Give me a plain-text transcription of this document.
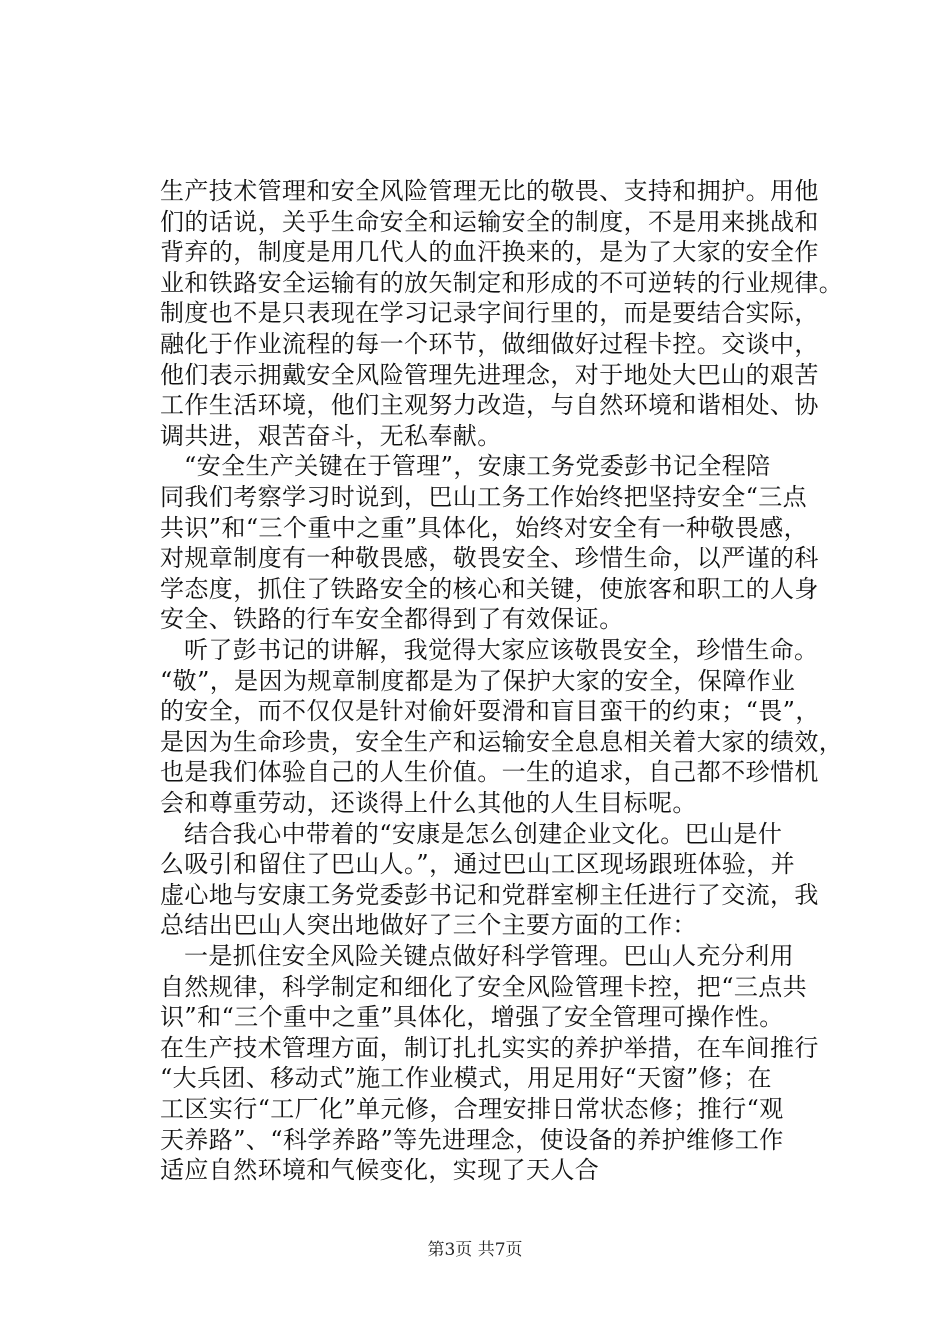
生产技术管理和安全风险管理无比的敬畏、支持和拥护。用他
们的话说，关乎生命安全和运输安全的制度，不是用来挑战和
背弃的，制度是用几代人的血汗换来的，是为了大家的安全作
业和铁路安全运输有的放矢制定和形成的不可逆转的行业规律。
制度也不是只表现在学习记录字间行里的，而是要结合实际，
融化于作业流程的每一个环节，做细做好过程卡控。交谈中，
他们表示拥戴安全风险管理先进理念，对于地处大巴山的艰苦
工作生活环境，他们主观努力改造，与自然环境和谐相处、协
调共进，艰苦奋斗，无私奉献。
“安全生产关键在于管理”，安康工务党委彭书记全程陪
同我们考察学习时说到，巴山工务工作始终把坚持安全“三点
共识”和“三个重中之重”具体化，始终对安全有一种敬畏感，
对规章制度有一种敬畏感，敬畏安全、珍惜生命，以严谨的科
学态度，抓住了铁路安全的核心和关键，使旅客和职工的人身
安全、铁路的行车安全都得到了有效保证。
听了彭书记的讲解，我觉得大家应该敬畏安全，珍惜生命。
“敬”，是因为规章制度都是为了保护大家的安全，保障作业
的安全，而不仅仅是针对偷奸耍滑和盲目蛮干的约束；“畏”，
是因为生命珍贵，安全生产和运输安全息息相关着大家的绩效，
也是我们体验自己的人生价值。一生的追求，自己都不珍惜机
会和尊重劳动，还谈得上什么其他的人生目标呢。
结合我心中带着的“安康是怎么创建企业文化。巴山是什
么吸引和留住了巴山人。”，通过巴山工区现场跟班体验，并
虚心地与安康工务党委彭书记和党群室柳主任进行了交流，我
总结出巴山人突出地做好了三个主要方面的工作：
一是抓住安全风险关键点做好科学管理。巴山人充分利用
自然规律，科学制定和细化了安全风险管理卡控，把“三点共
识”和“三个重中之重”具体化，增强了安全管理可操作性。
在生产技术管理方面，制订扎扎实实的养护举措，在车间推行
“大兵团、移动式”施工作业模式，用足用好“天窗”修；在
工区实行“工厂化”单元修，合理安排日常状态修；推行“观
天养路”、“科学养路”等先进理念，使设备的养护维修工作
适应自然环境和气候变化，实现了天人合
第3页 共7页
